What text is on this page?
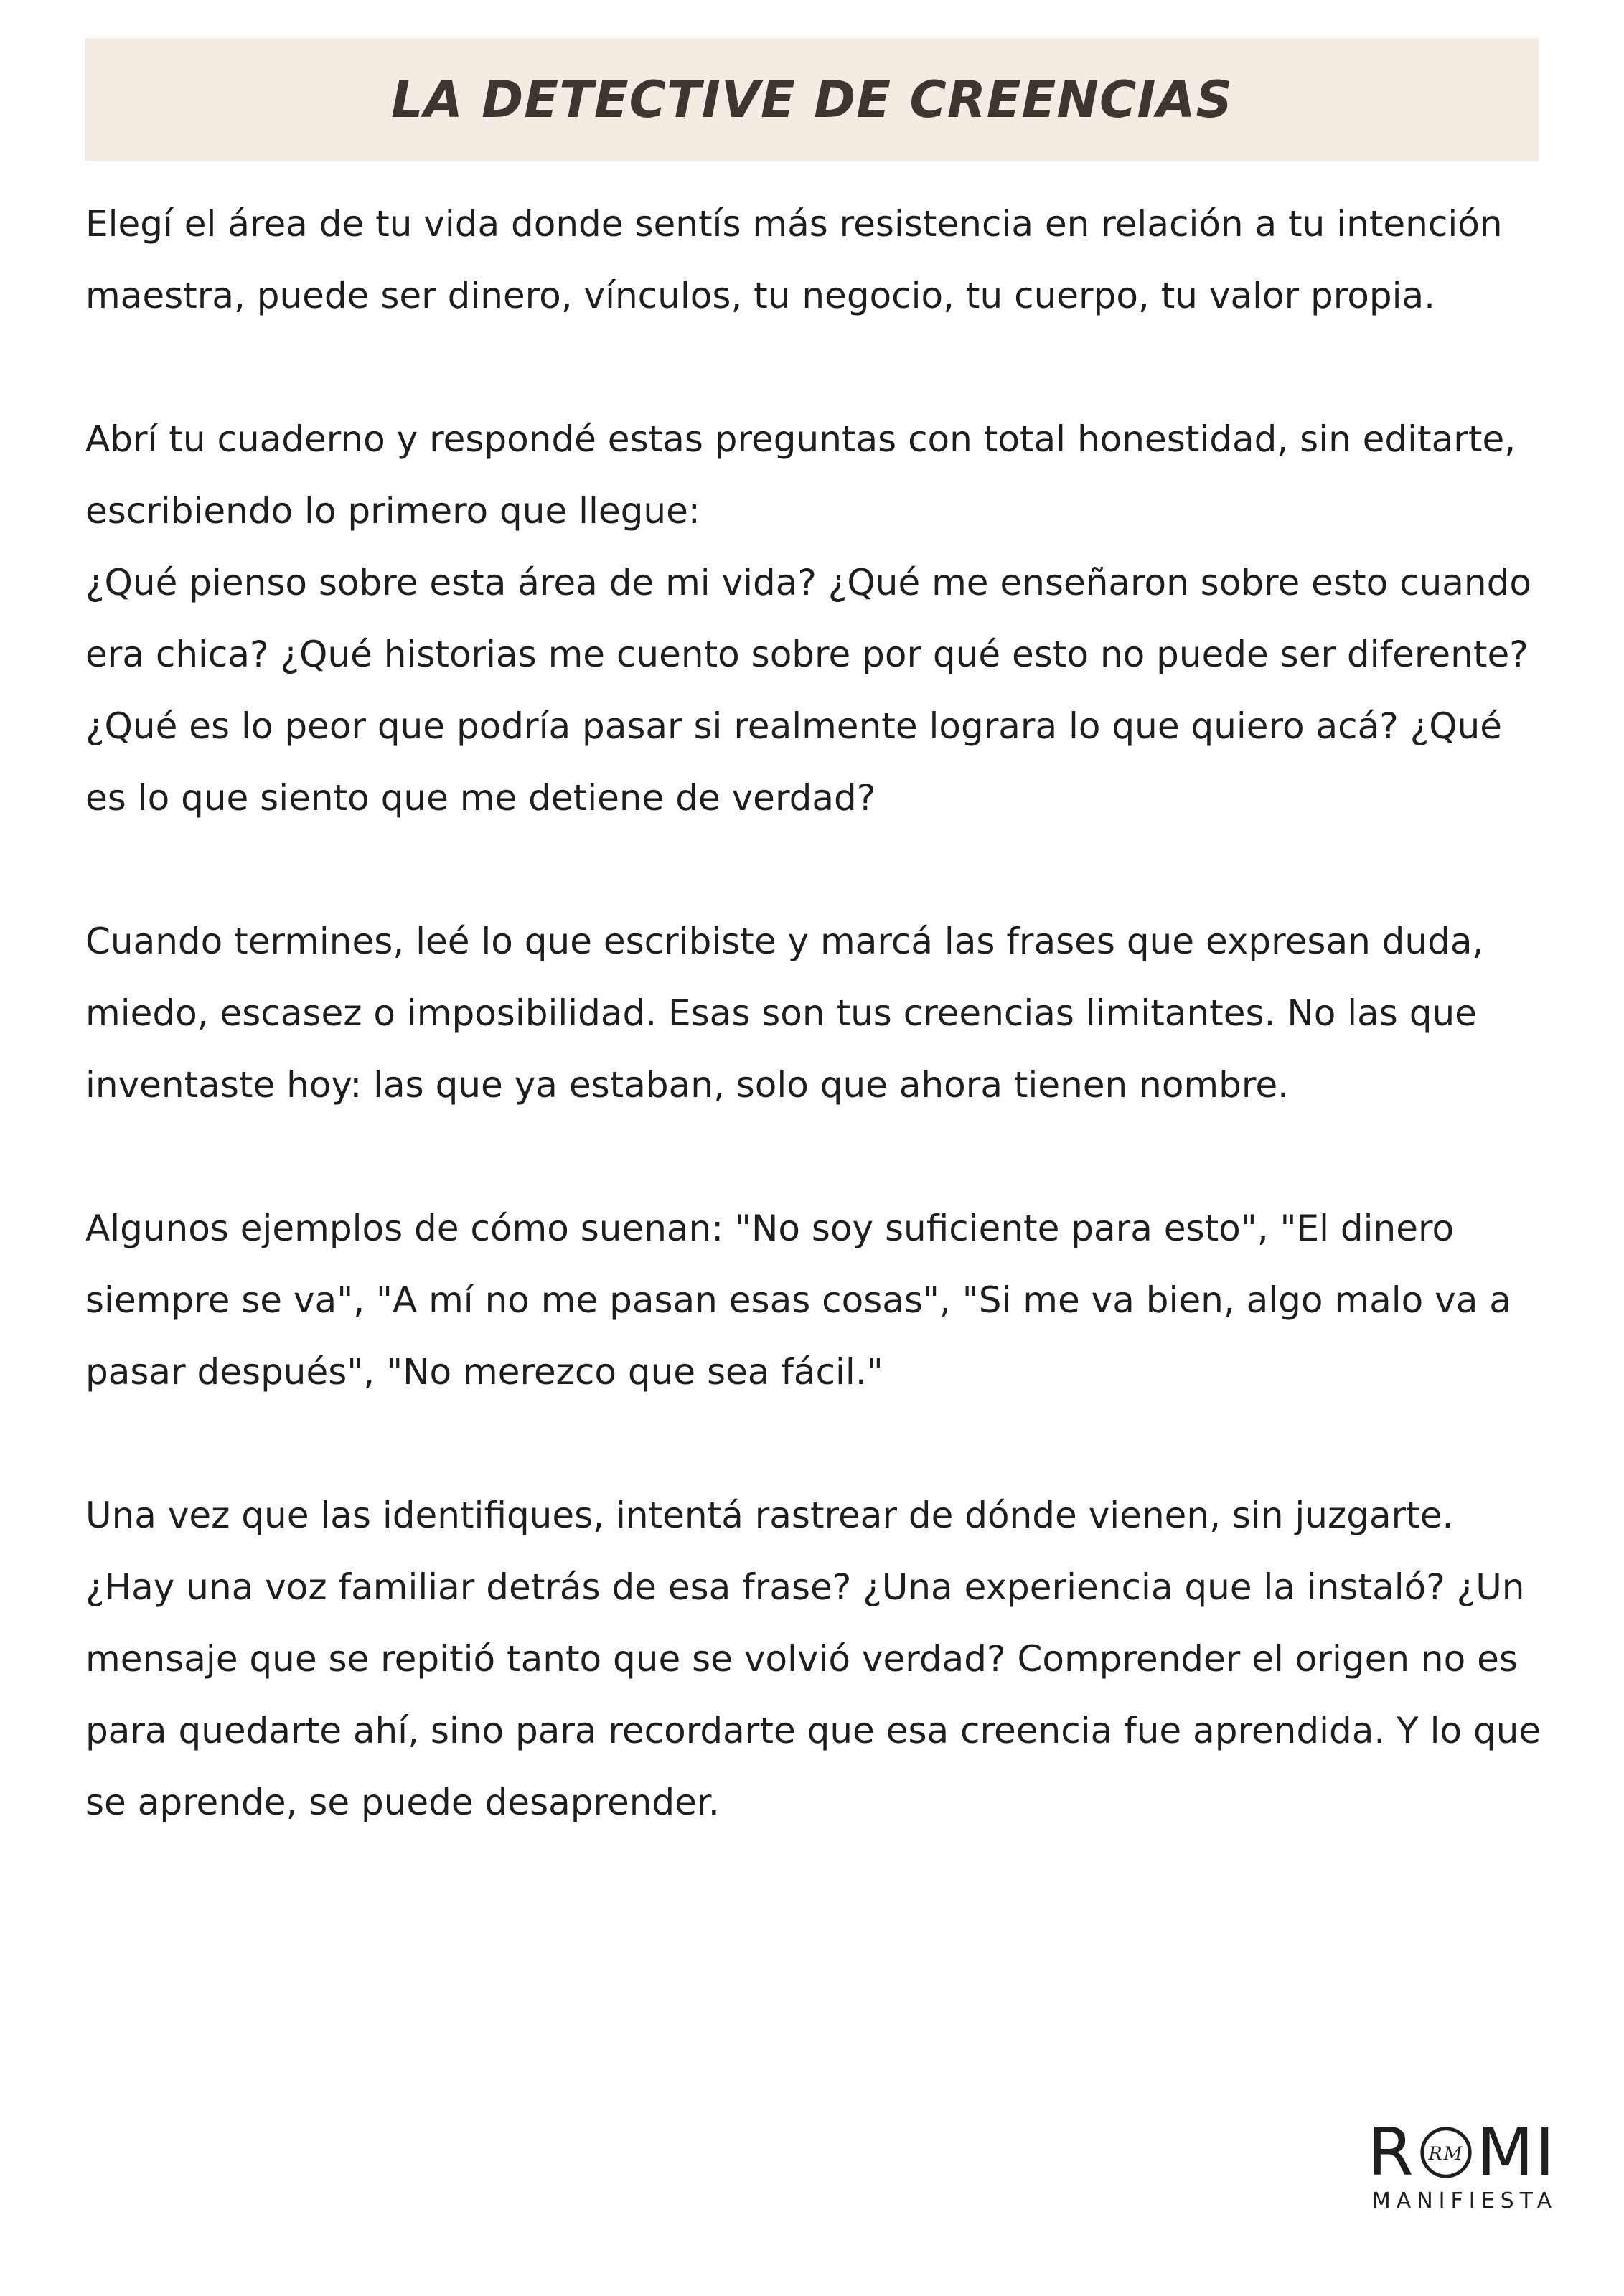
LA DETECTIVE DE CREENCIAS

Elegí el área de tu vida donde sentís más resistencia en relación a tu intención maestra, puede ser dinero, vínculos, tu negocio, tu cuerpo, tu valor propia.

Abrí tu cuaderno y respondé estas preguntas con total honestidad, sin editarte, escribiendo lo primero que llegue:

¿Qué pienso sobre esta área de mi vida? ¿Qué me enseñaron sobre esto cuando era chica? ¿Qué historias me cuento sobre por qué esto no puede ser diferente? ¿Qué es lo peor que podría pasar si realmente lograra lo que quiero acá? ¿Qué es lo que siento que me detiene de verdad?

Cuando termines, leé lo que escribiste y marcá las frases que expresan duda, miedo, escasez o imposibilidad. Esas son tus creencias limitantes. No las que inventaste hoy: las que ya estaban, solo que ahora tienen nombre.

Algunos ejemplos de cómo suenan: "No soy suficiente para esto", "El dinero siempre se va", "A mí no me pasan esas cosas", "Si me va bien, algo malo va a pasar después", "No merezco que sea fácil."

Una vez que las identifiques, intentá rastrear de dónde vienen, sin juzgarte. ¿Hay una voz familiar detrás de esa frase? ¿Una experiencia que la instaló? ¿Un mensaje que se repitió tanto que se volvió verdad? Comprender el origen no es para quedarte ahí, sino para recordarte que esa creencia fue aprendida. Y lo que se aprende, se puede desaprender.

R RM MI
MANIFIESTA
